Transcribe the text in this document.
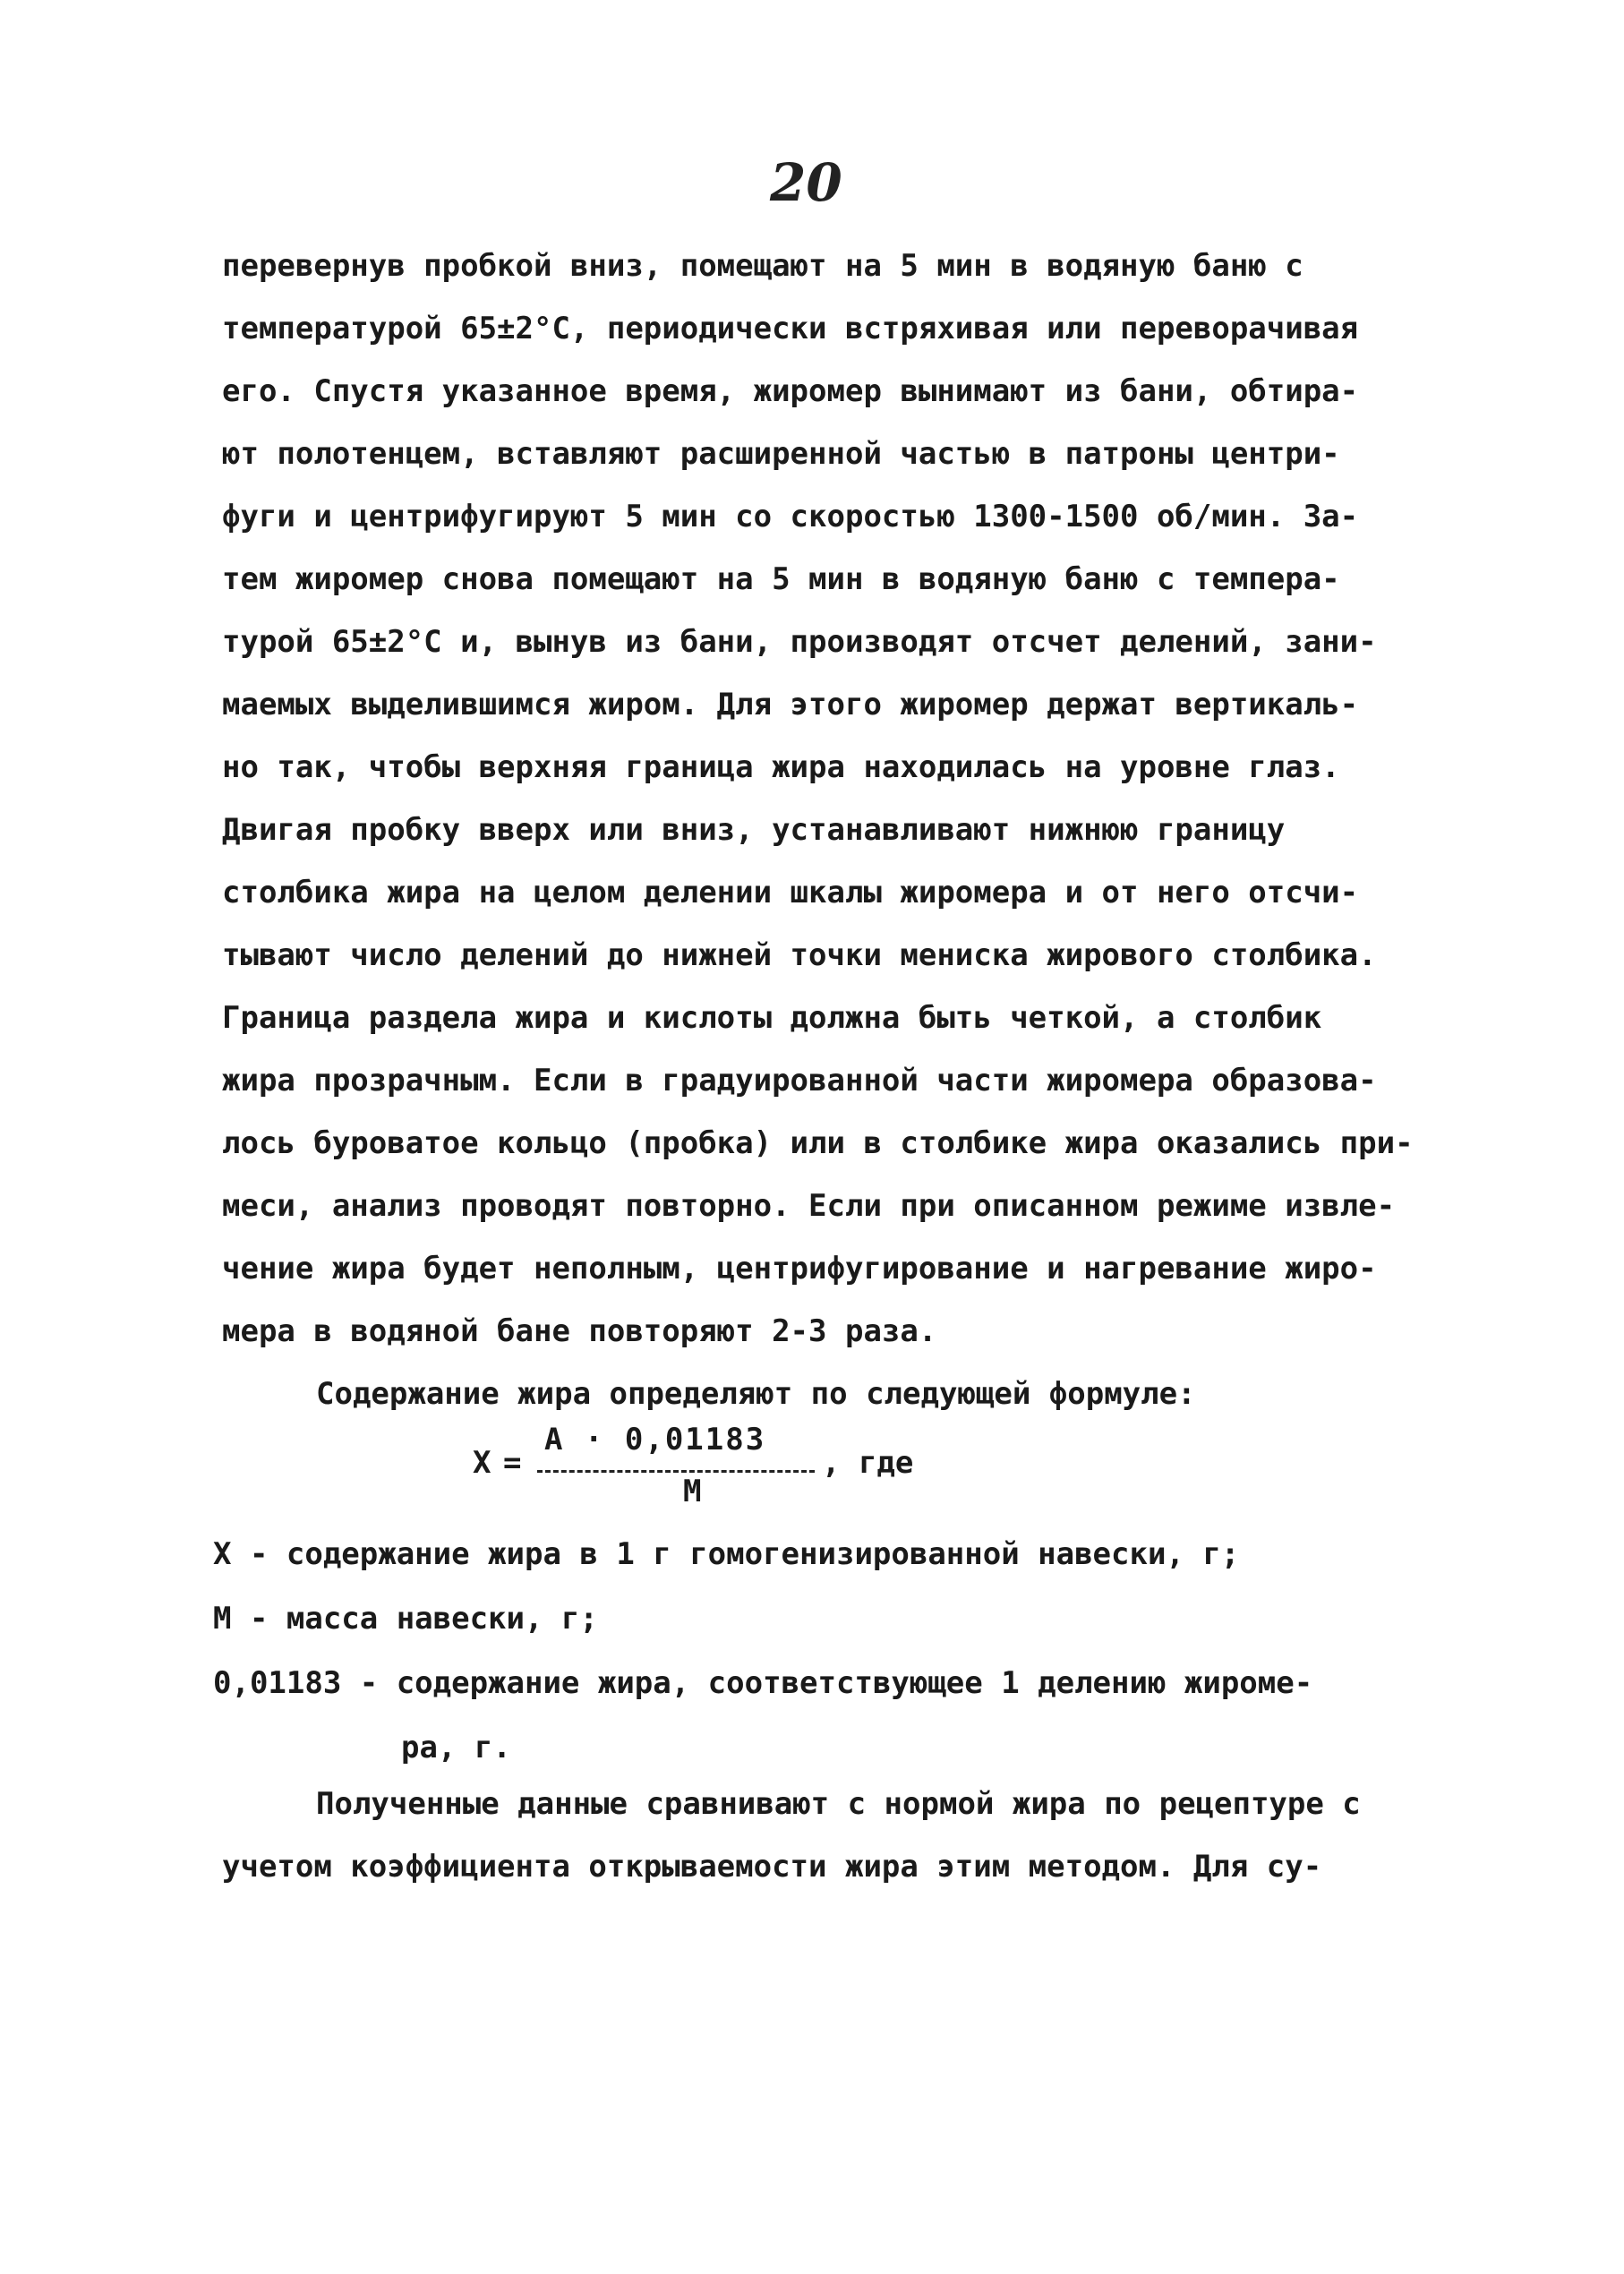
20
перевернув пробкой вниз, помещают на 5 мин в водяную баню с
температурой 65±2°С, периодически встряхивая или переворачивая
его. Спустя указанное время, жиромер вынимают из бани, обтира-
ют полотенцем, вставляют расширенной частью в патроны центри-
фуги и центрифугируют 5 мин со скоростью 1300-1500 об/мин. За-
тем жиромер снова помещают на 5 мин в водяную баню с темпера-
турой 65±2°С и, вынув из бани, производят отсчет делений, зани-
маемых выделившимся жиром. Для этого жиромер держат вертикаль-
но так, чтобы верхняя граница жира находилась на уровне глаз.
Двигая пробку вверх или вниз, устанавливают нижнюю границу
столбика жира на целом делении шкалы жиромера и от него отсчи-
тывают число делений до нижней точки мениска жирового столбика.
Граница раздела жира и кислоты должна быть четкой, а столбик
жира прозрачным. Если в градуированной части жиромера образова-
лось буроватое кольцо (пробка) или в столбике жира оказались при-
меси, анализ проводят повторно. Если при описанном режиме извле-
чение жира будет неполным, центрифугирование и нагревание жиро-
мера в водяной бане повторяют 2-3 раза.
Содержание жира определяют по следующей формуле:
Х =
А · 0,01183
М
, где
Х - содержание жира в 1 г гомогенизированной навески, г;
М - масса навески, г;
0,01183 - содержание жира, соответствующее 1 делению жироме-
ра, г.
Полученные данные сравнивают с нормой жира по рецептуре с
учетом коэффициента открываемости жира этим методом. Для су-
